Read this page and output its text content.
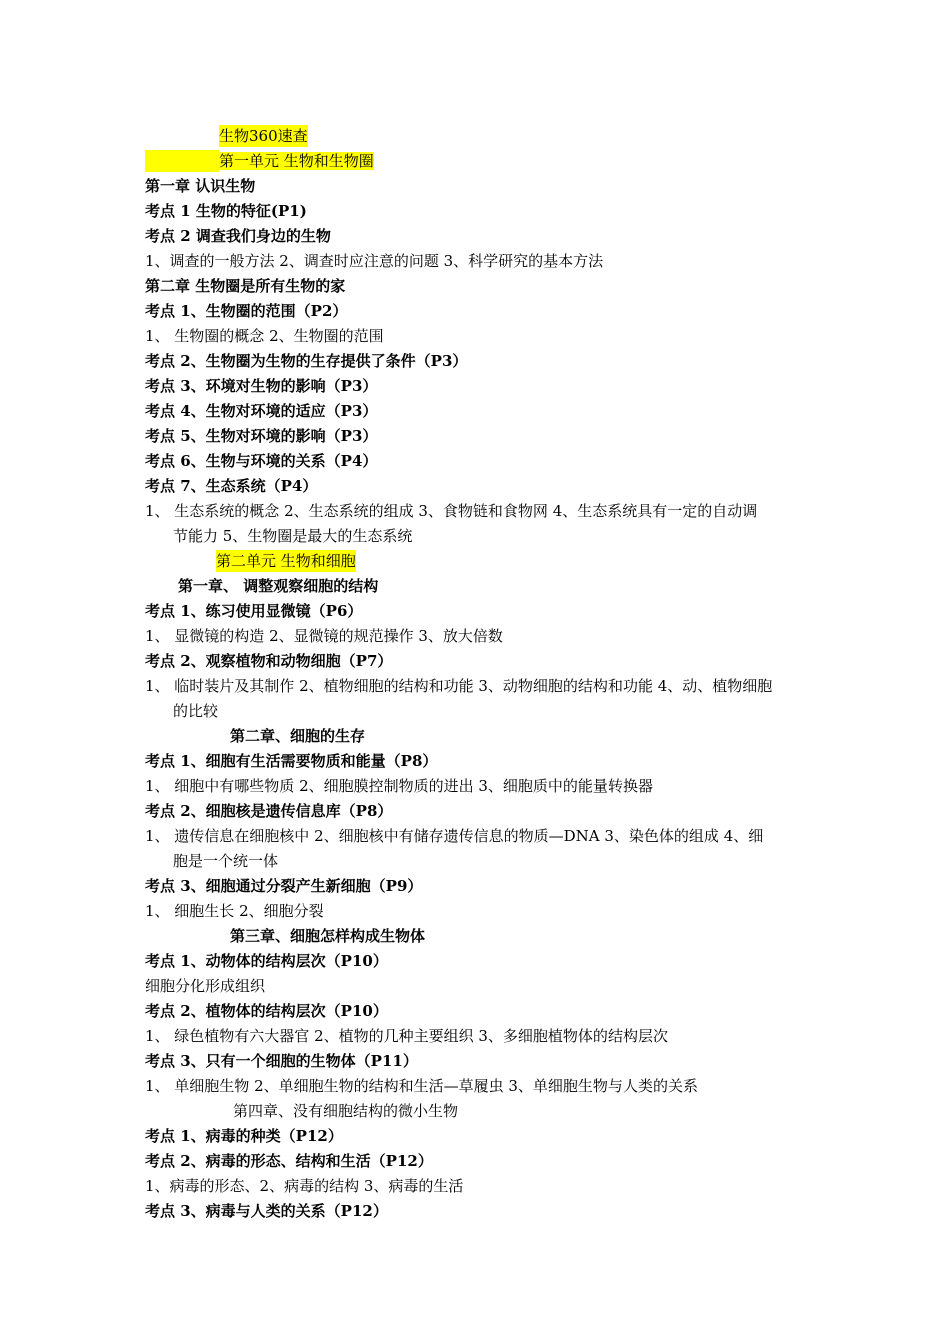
生物360速查
第一单元 生物和生物圈
第一章 认识生物
考点 1 生物的特征(P1)
考点 2 调查我们身边的生物
1、调查的一般方法 2、调查时应注意的问题 3、科学研究的基本方法
第二章 生物圈是所有生物的家
考点 1、生物圈的范围（P2）
1、 生物圈的概念 2、生物圈的范围
考点 2、生物圈为生物的生存提供了条件（P3）
考点 3、环境对生物的影响（P3）
考点 4、生物对环境的适应（P3）
考点 5、生物对环境的影响（P3）
考点 6、生物与环境的关系（P4）
考点 7、生态系统（P4）
1、 生态系统的概念 2、生态系统的组成 3、食物链和食物网 4、生态系统具有一定的自动调
节能力 5、生物圈是最大的生态系统
第二单元 生物和细胞
第一章、 调整观察细胞的结构
考点 1、练习使用显微镜（P6）
1、 显微镜的构造 2、显微镜的规范操作 3、放大倍数
考点 2、观察植物和动物细胞（P7）
1、 临时装片及其制作 2、植物细胞的结构和功能 3、动物细胞的结构和功能 4、动、植物细胞
的比较
第二章、细胞的生存
考点 1、细胞有生活需要物质和能量（P8）
1、 细胞中有哪些物质 2、细胞膜控制物质的进出 3、细胞质中的能量转换器
考点 2、细胞核是遗传信息库（P8）
1、 遗传信息在细胞核中 2、细胞核中有储存遗传信息的物质—DNA 3、染色体的组成 4、细
胞是一个统一体
考点 3、细胞通过分裂产生新细胞（P9）
1、 细胞生长 2、细胞分裂
第三章、细胞怎样构成生物体
考点 1、动物体的结构层次（P10）
细胞分化形成组织
考点 2、植物体的结构层次（P10）
1、 绿色植物有六大器官 2、植物的几种主要组织 3、多细胞植物体的结构层次
考点 3、只有一个细胞的生物体（P11）
1、 单细胞生物 2、单细胞生物的结构和生活—草履虫 3、单细胞生物与人类的关系
第四章、没有细胞结构的微小生物
考点 1、病毒的种类（P12）
考点 2、病毒的形态、结构和生活（P12）
1、病毒的形态、2、病毒的结构 3、病毒的生活
考点 3、病毒与人类的关系（P12）
